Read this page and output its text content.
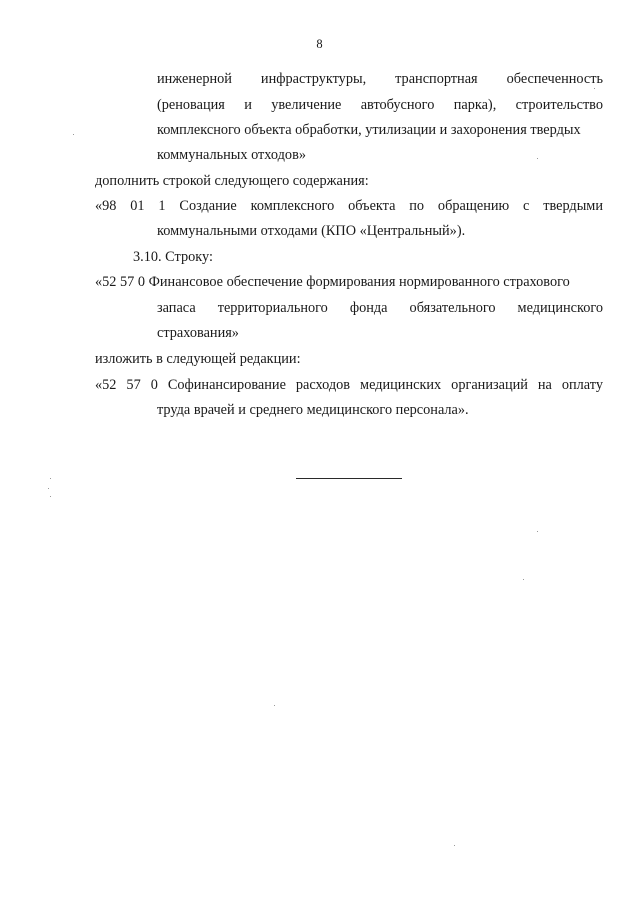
8
инженерной инфраструктуры, транспортная обеспеченность
(реновация и увеличение автобусного парка), строительство
комплексного объекта обработки, утилизации и захоронения твердых
коммунальных отходов»
дополнить строкой следующего содержания:
«98 01 1 Создание комплексного объекта по обращению с твердыми
коммунальными отходами (КПО «Центральный»).
3.10. Строку:
«52 57 0 Финансовое обеспечение формирования нормированного страхового
запаса территориального фонда обязательного медицинского
страхования»
изложить в следующей редакции:
«52 57 0 Софинансирование расходов медицинских организаций на оплату
труда врачей и среднего медицинского персонала».
